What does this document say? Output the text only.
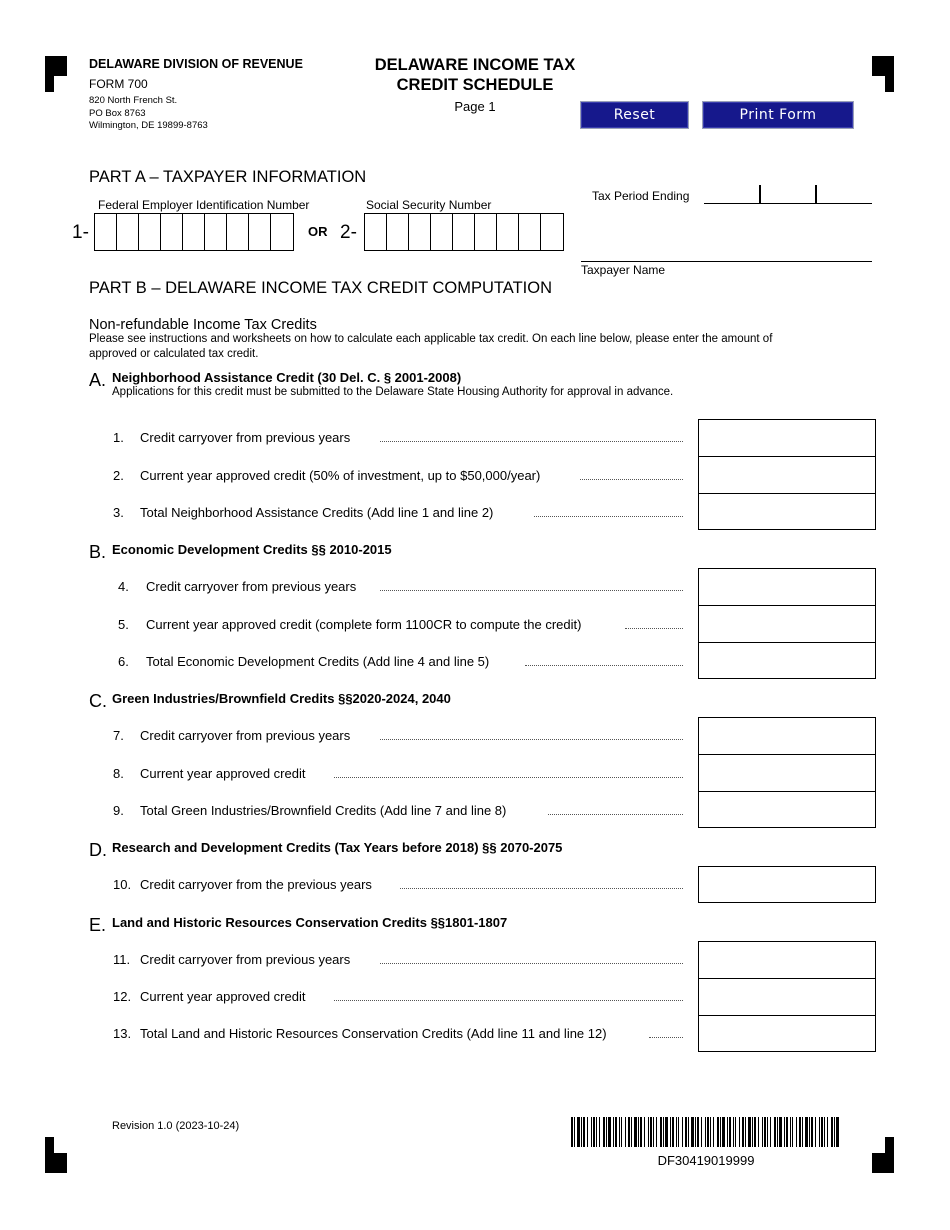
DELAWARE DIVISION OF REVENUE
FORM 700
820 North French St.
PO Box 8763
Wilmington, DE 19899-8763
DELAWARE INCOME TAX
CREDIT SCHEDULE
Page 1
Reset	Print Form
PART A – TAXPAYER INFORMATION
Federal Employer Identification Number	Social Security Number
1-	OR 2-
Tax Period Ending
Taxpayer Name
PART B – DELAWARE INCOME TAX CREDIT COMPUTATION
Non-refundable Income Tax Credits
Please see instructions and worksheets on how to calculate each applicable tax credit. On each line below, please enter the amount of
approved or calculated tax credit.
A. Neighborhood Assistance Credit (30 Del. C. § 2001-2008)
Applications for this credit must be submitted to the Delaware State Housing Authority for approval in advance.
1. Credit carryover from previous years
2. Current year approved credit (50% of investment, up to $50,000/year)
3. Total Neighborhood Assistance Credits (Add line 1 and line 2)
B. Economic Development Credits §§ 2010-2015
4. Credit carryover from previous years
5. Current year approved credit (complete form 1100CR to compute the credit)
6. Total Economic Development Credits (Add line 4 and line 5)
C. Green Industries/Brownfield Credits §§2020-2024, 2040
7. Credit carryover from previous years
8. Current year approved credit
9. Total Green Industries/Brownfield Credits (Add line 7 and line 8)
D. Research and Development Credits (Tax Years before 2018) §§ 2070-2075
10. Credit carryover from the previous years
E. Land and Historic Resources Conservation Credits §§1801-1807
11. Credit carryover from previous years
12. Current year approved credit
13. Total Land and Historic Resources Conservation Credits (Add line 11 and line 12)
Revision 1.0 (2023-10-24)
DF30419019999
